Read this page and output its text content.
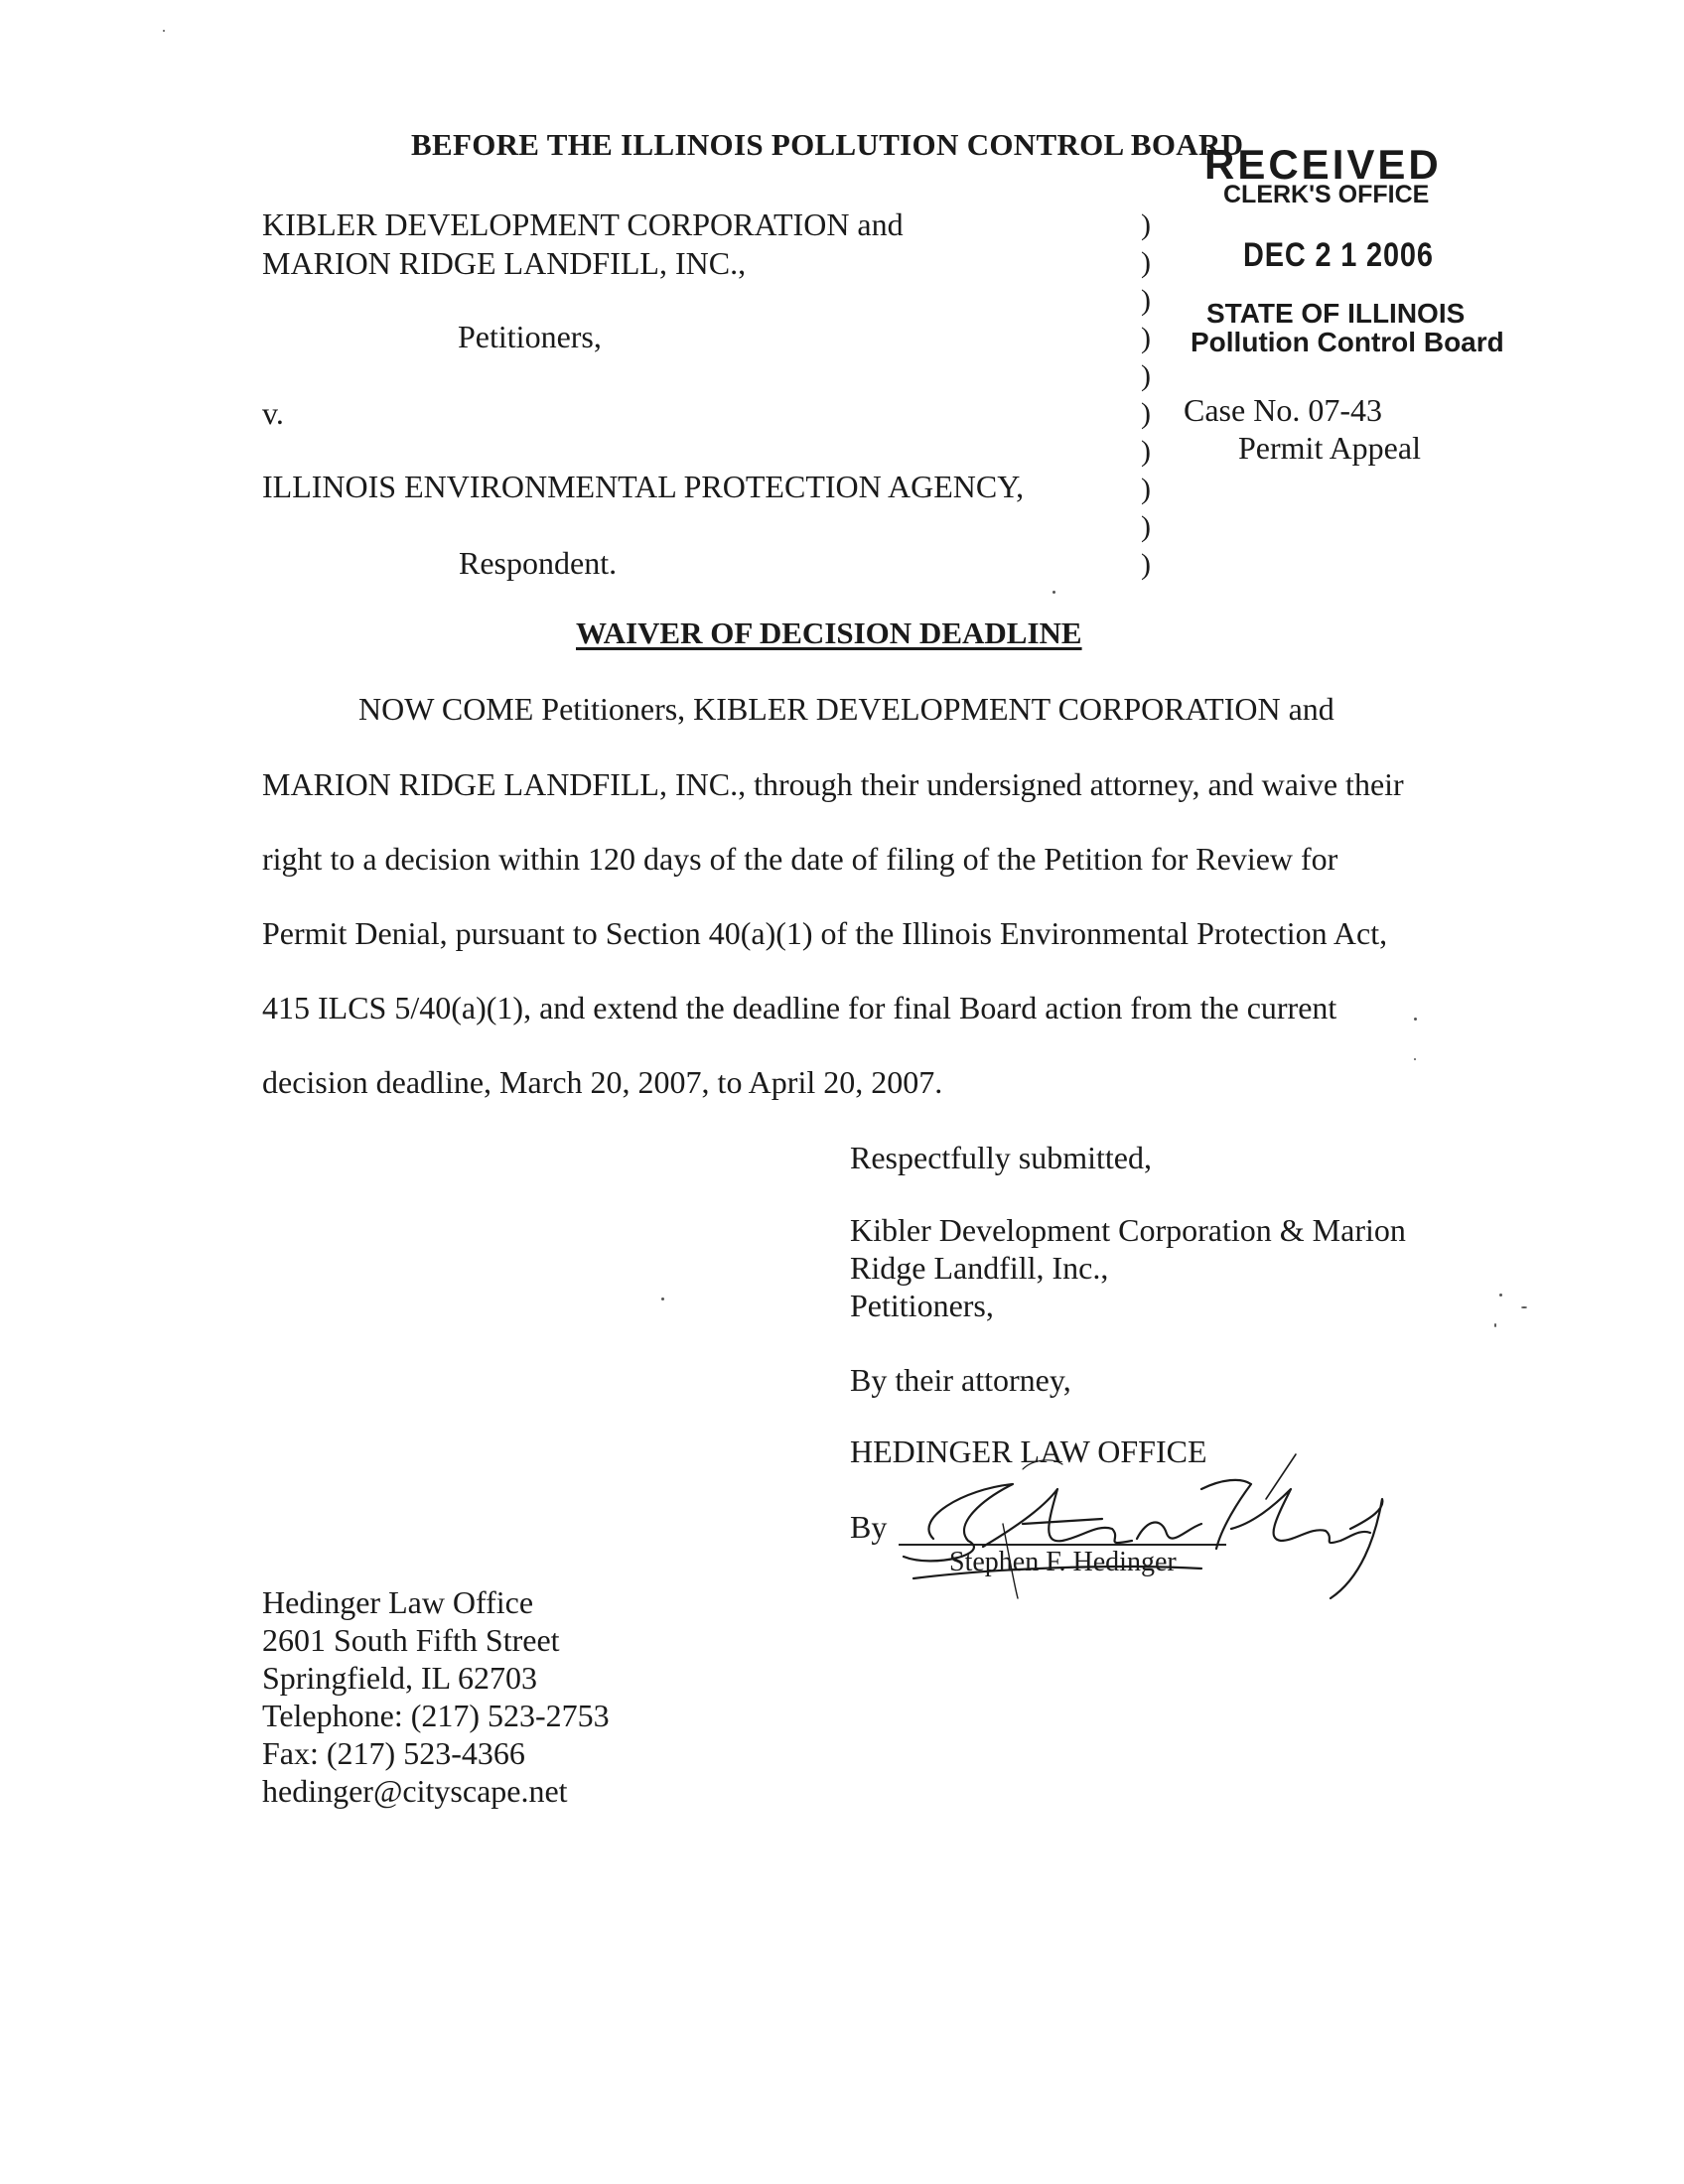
BEFORE THE ILLINOIS POLLUTION CONTROL BOARD
RECEIVED
CLERK'S OFFICE
DEC 2 1 2006
STATE OF ILLINOIS
Pollution Control Board
KIBLER DEVELOPMENT CORPORATION and
MARION RIDGE LANDFILL, INC.,
Petitioners,
v.
ILLINOIS ENVIRONMENTAL PROTECTION AGENCY,
Respondent.
)
)
)
)
)
)
)
)
)
)
Case No. 07-43
Permit Appeal
WAIVER OF DECISION DEADLINE
NOW COME Petitioners, KIBLER DEVELOPMENT CORPORATION and
MARION RIDGE LANDFILL, INC., through their undersigned attorney, and waive their
right to a decision within 120 days of the date of filing of the Petition for Review for
Permit Denial, pursuant to Section 40(a)(1) of the Illinois Environmental Protection Act,
415 ILCS 5/40(a)(1), and extend the deadline for final Board action from the current
decision deadline, March 20, 2007, to April 20, 2007.
Respectfully submitted,
Kibler Development Corporation & Marion
Ridge Landfill, Inc.,
Petitioners,
By their attorney,
HEDINGER LAW OFFICE
By
Stephen F. Hedinger
Hedinger Law Office
2601 South Fifth Street
Springfield, IL 62703
Telephone: (217) 523-2753
Fax: (217) 523-4366
hedinger@cityscape.net
